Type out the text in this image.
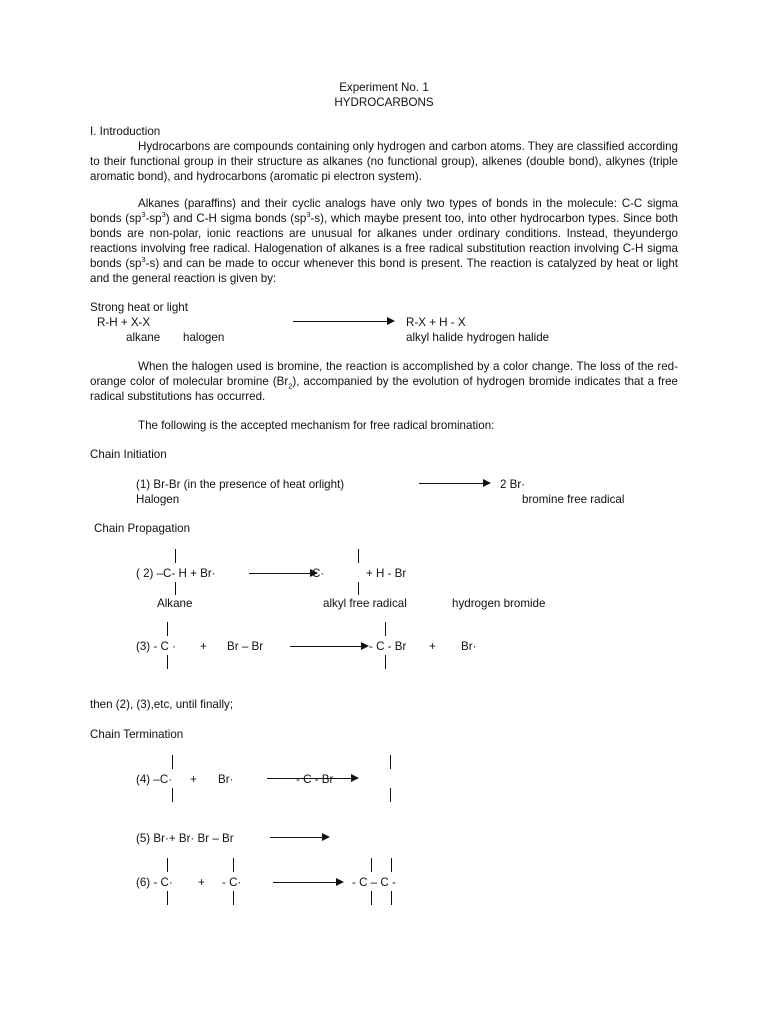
Experiment No. 1
HYDROCARBONS
I. Introduction
Hydrocarbons are compounds containing only hydrogen and carbon atoms. They are classified according to their functional group in their structure as alkanes (no functional group), alkenes (double bond), alkynes (triple aromatic bond), and hydrocarbons (aromatic pi electron system).
Alkanes (paraffins) and their cyclic analogs have only two types of bonds in the molecule: C-C sigma bonds $(sp^3-sp^3)$ and C-H sigma bonds $(sp^3-s)$, which maybe present too, into other hydrocarbon types. Since both bonds are non-polar, ionic reactions are unusual for alkanes under ordinary conditions. Instead, theyundergo reactions involving free radical. Halogenation of alkanes is a free radical substitution reaction involving C-H sigma bonds $(sp^3-s)$ and can be made to occur whenever this bond is present. The reaction is catalyzed by heat or light and the general reaction is given by:
Strong heat or light
R-H + X-X	R-X + H - X
alkane halogen	alkyl halide hydrogen halide
When the halogen used is bromine, the reaction is accomplished by a color change. The loss of the red-orange color of molecular bromine $(Br_2)$, accompanied by the evolution of hydrogen bromide indicates that a free radical substitutions has occurred.
The following is the accepted mechanism for free radical bromination:
Chain Initiation
(1) Br-Br (in the presence of heat orlight)	2 Br·
Halogen	bromine free radical
Chain Propagation
( 2) –C- H + Br·	C·	+ H - Br
Alkane	alkyl free radical	hydrogen bromide
(3) - C · + Br – Br	- C - Br + Br·
then (2), (3),etc, until finally;
Chain Termination
(4) –C· + Br·	- C - Br
(5) Br·+ Br· Br – Br
(6) - C· + - C·	- C – C -
